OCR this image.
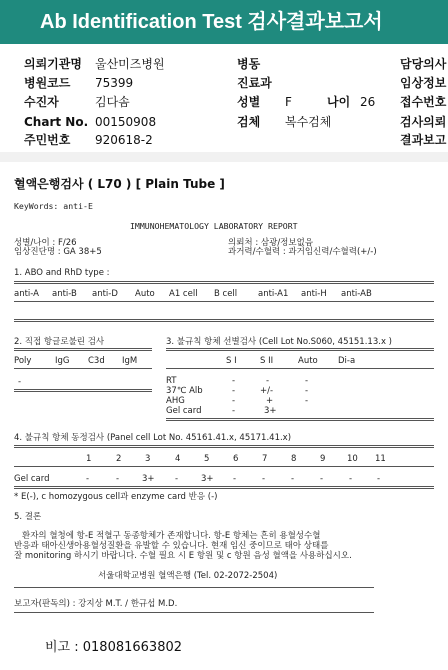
Ab Identification Test 검사결과보고서
의뢰기관명 울산미즈병원
병원코드 75399
수진자	김다솜
Chart No. 00150908
주민번호 920618-2
병동
진료과
성별 F	나이 26
검체 복수검체
담당의사
임상정보
접수번호
검사의뢰
결과보고
혈액은행검사 ( L70 ) [ Plain Tube ]
KeyWords: anti-E
IMMUNOHEMATOLOGY LABORATORY REPORT
성별/나이 : F/26
임상진단명 : GA 38+5
의뢰처 : 삼광/정보없음
과거력/수혈력 : 과거임신력/수혈력(+/-)
1. ABO and RhD type :
anti-A anti-B anti-D Auto A1 cell B cell anti-A1 anti-H anti-AB
2. 직접 항글로불린 검사
Poly	IgG C3d IgM
-
3. 불규칙 항체 선별검사 (Cell Lot No.S060, 45151.13.x )
S I	S II	Auto Di-a
RT	-	-	-
37℃ Alb	-	+/-	-
AHG	-	+	-
Gel card	-	3+
4. 불규칙 항체 동정검사 (Panel cell Lot No. 45161.41.x, 45171.41.x)
1	2	3	4	5	6	7	8	9	10 11
Gel card	-	-	3+ -	3+ -	-	-	-	-	-
* E(-), c homozygous cell과 enzyme card 반응 (-)
5. 결론
환자의 혈청에 항-E 적혈구 동종항체가 존재합니다. 항-E 항체는 흔히 용혈성수혈
반응과 태아신생아용혈성질환을 유발할 수 있습니다. 현재 임신 중이므로 태아 상태를
잘 monitoring 하시기 바랍니다. 수혈 필요 시 E 항원 및 c 항원 음성 혈액을 사용하십시오.
서울대학교병원 혈액은행 (Tel. 02-2072-2504)
보고자(판독의) : 강지상 M.T. / 한규섭 M.D.
비고 : 018081663802
